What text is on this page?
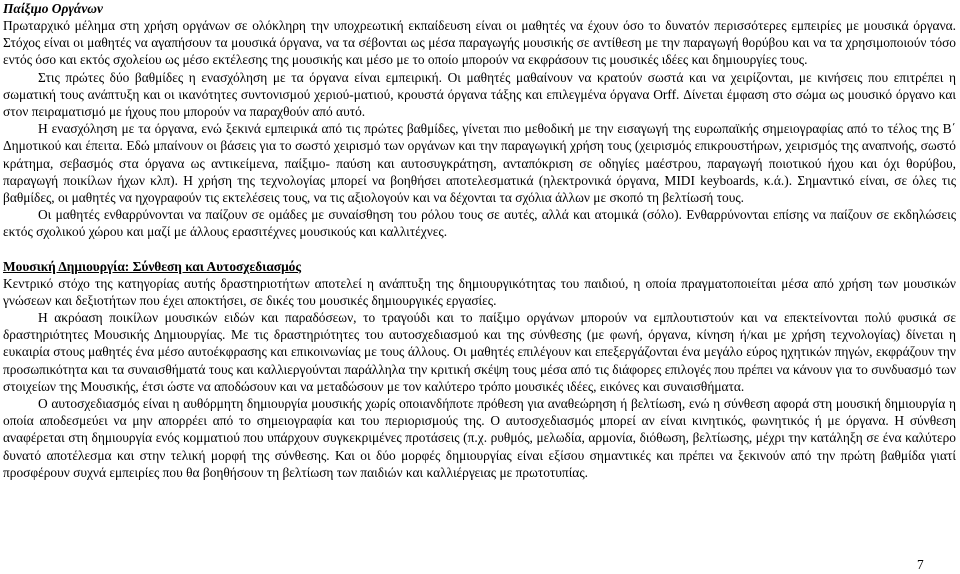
Παίξιμο Οργάνων

Πρωταρχικό μέλημα στη χρήση οργάνων σε ολόκληρη την υποχρεωτική εκπαίδευση είναι οι μαθητές να έχουν όσο το δυνατόν περισσότερες εμπειρίες με μουσικά όργανα. Στόχος είναι οι μαθητές να αγαπήσουν τα μουσικά όργανα, να τα σέβονται ως μέσα παραγωγής μουσικής σε αντίθεση με την παραγωγή θορύβου και να τα χρησιμοποιούν τόσο εντός όσο και εκτός σχολείου ως μέσο εκτέλεσης της μουσικής και μέσο με το οποίο μπορούν να εκφράσουν τις μουσικές ιδέες και δημιουργίες τους.

Στις πρώτες δύο βαθμίδες η ενασχόληση με τα όργανα είναι εμπειρική. Οι μαθητές μαθαίνουν να κρατούν σωστά και να χειρίζονται, με κινήσεις που επιτρέπει η σωματική τους ανάπτυξη και οι ικανότητες συντονισμού χεριού-ματιού, κρουστά όργανα τάξης και επιλεγμένα όργανα Orff. Δίνεται έμφαση στο σώμα ως μουσικό όργανο και στον πειραματισμό με ήχους που μπορούν να παραχθούν από αυτό.

Η ενασχόληση με τα όργανα, ενώ ξεκινά εμπειρικά από τις πρώτες βαθμίδες, γίνεται πιο μεθοδική με την εισαγωγή της ευρωπαϊκής σημειογραφίας από το τέλος της Β΄ Δημοτικού και έπειτα. Εδώ μπαίνουν οι βάσεις για το σωστό χειρισμό των οργάνων και την παραγωγική χρήση τους (χειρισμός επικρουστήρων, χειρισμός της αναπνοής, σωστό κράτημα, σεβασμός στα όργανα ως αντικείμενα, παίξιμο- παύση και αυτοσυγκράτηση, ανταπόκριση σε οδηγίες μαέστρου, παραγωγή ποιοτικού ήχου και όχι θορύβου, παραγωγή ποικίλων ήχων κλπ). Η χρήση της τεχνολογίας μπορεί να βοηθήσει αποτελεσματικά (ηλεκτρονικά όργανα, MIDI keyboards, κ.ά.). Σημαντικό είναι, σε όλες τις βαθμίδες, οι μαθητές να ηχογραφούν τις εκτελέσεις τους, να τις αξιολογούν και να δέχονται τα σχόλια άλλων με σκοπό τη βελτίωσή τους.

Οι μαθητές ενθαρρύνονται να παίζουν σε ομάδες με συναίσθηση του ρόλου τους σε αυτές, αλλά και ατομικά (σόλο). Ενθαρρύνονται επίσης να παίζουν σε εκδηλώσεις εκτός σχολικού χώρου και μαζί με άλλους ερασιτέχνες μουσικούς και καλλιτέχνες.

Μουσική Δημιουργία: Σύνθεση και Αυτοσχεδιασμός

Κεντρικό στόχο της κατηγορίας αυτής δραστηριοτήτων αποτελεί η ανάπτυξη της δημιουργικότητας του παιδιού, η οποία πραγματοποιείται μέσα από χρήση των μουσικών γνώσεων και δεξιοτήτων που έχει αποκτήσει, σε δικές του μουσικές δημιουργικές εργασίες.

Η ακρόαση ποικίλων μουσικών ειδών και παραδόσεων, το τραγούδι και το παίξιμο οργάνων μπορούν να εμπλουτιστούν και να επεκτείνονται πολύ φυσικά σε δραστηριότητες Μουσικής Δημιουργίας. Με τις δραστηριότητες του αυτοσχεδιασμού και της σύνθεσης (με φωνή, όργανα, κίνηση ή/και με χρήση τεχνολογίας) δίνεται η ευκαιρία στους μαθητές ένα μέσο αυτοέκφρασης και επικοινωνίας με τους άλλους. Οι μαθητές επιλέγουν και επεξεργάζονται ένα μεγάλο εύρος ηχητικών πηγών, εκφράζουν την προσωπικότητα και τα συναισθήματά τους και καλλιεργούνται παράλληλα την κριτική σκέψη τους μέσα από τις διάφορες επιλογές που πρέπει να κάνουν για το συνδυασμό των στοιχείων της Μουσικής, έτσι ώστε να αποδώσουν και να μεταδώσουν με τον καλύτερο τρόπο μουσικές ιδέες, εικόνες και συναισθήματα.

Ο αυτοσχεδιασμός είναι η αυθόρμητη δημιουργία μουσικής χωρίς οποιανδήποτε πρόθεση για αναθεώρηση ή βελτίωση, ενώ η σύνθεση αφορά στη μουσική δημιουργία η οποία αποδεσμεύει να μην απορρέει από το σημειογραφία και του περιορισμούς της. Ο αυτοσχεδιασμός μπορεί αν είναι κινητικός, φωνητικός ή με όργανα. Η σύνθεση αναφέρεται στη δημιουργία ενός κομματιού που υπάρχουν συγκεκριμένες προτάσεις (π.χ. ρυθμός, μελωδία, αρμονία, διόθωση, βελτίωσης, μέχρι την κατάληξη σε ένα καλύτερο δυνατό αποτέλεσμα και στην τελική μορφή της σύνθεσης. Και οι δύο μορφές δημιουργίας είναι εξίσου σημαντικές και πρέπει να ξεκινούν από την πρώτη βαθμίδα γιατί προσφέρουν συχνά εμπειρίες που θα βοηθήσουν τη βελτίωση των παιδιών και καλλιέργειας με πρωτοτυπίας.

7
